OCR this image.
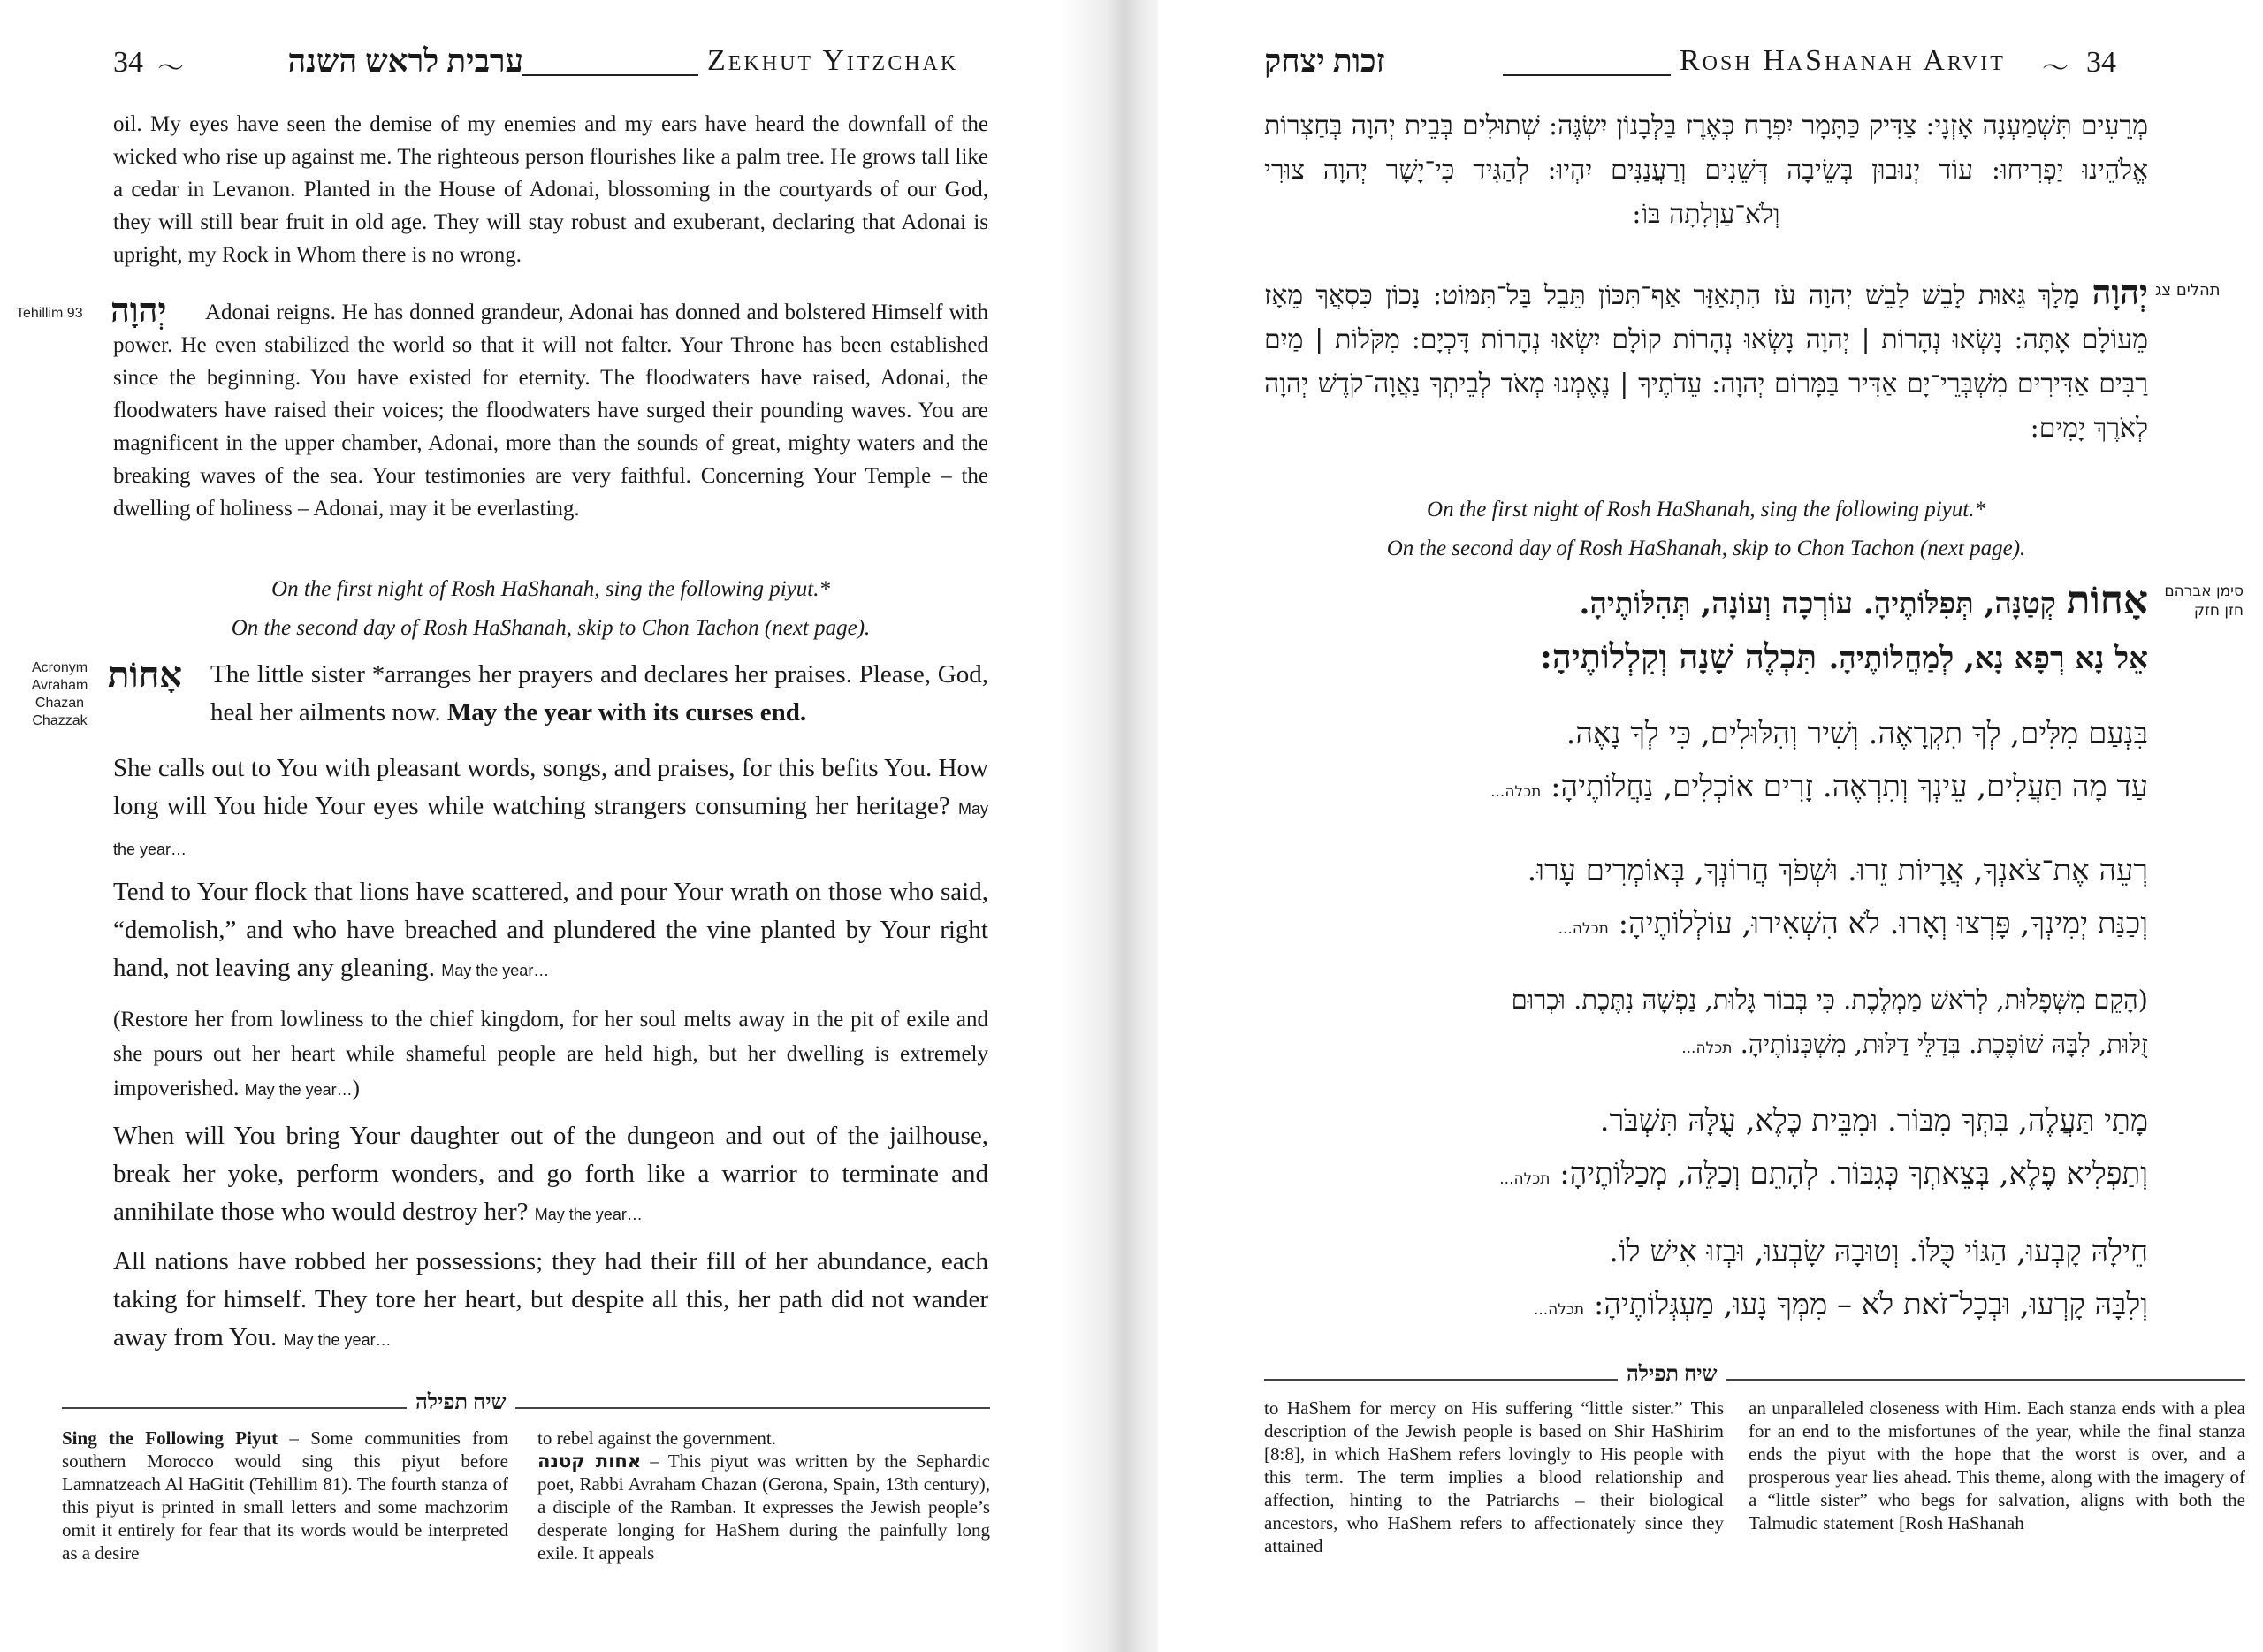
34 〜	ערבית לראש השנה	Zekhut Yitzchak

oil. My eyes have seen the demise of my enemies and my ears have heard the downfall of the wicked who rise up against me. The righteous person flourishes like a palm tree. He grows tall like a cedar in Levanon. Planted in the House of Adonai, blossoming in the courtyards of our God, they will still bear fruit in old age. They will stay robust and exuberant, declaring that Adonai is upright, my Rock in Whom there is no wrong.

Tehillim 93 יְהוָה	Adonai reigns. He has donned grandeur, Adonai has donned and bolstered Himself with power. He even stabilized the world so that it will not falter. Your Throne has been established since the beginning. You have existed for eternity. The floodwaters have raised, Adonai, the floodwaters have raised their voices; the floodwaters have surged their pounding waves. You are magnificent in the upper chamber, Adonai, more than the sounds of great, mighty waters and the breaking waves of the sea. Your testimonies are very faithful. Concerning Your Temple – the dwelling of holiness – Adonai, may it be everlasting.

On the first night of Rosh HaShanah, sing the following piyut.*
On the second day of Rosh HaShanah, skip to Chon Tachon (next page).
Acronym Avraham Chazan Chazzak
אָחוֹת The little sister *arranges her prayers and declares her praises. Please, God, heal her ailments now. May the year with its curses end.

She calls out to You with pleasant words, songs, and praises, for this befits You. How long will You hide Your eyes while watching strangers consuming her heritage? May the year…

Tend to Your flock that lions have scattered, and pour Your wrath on those who said, “demolish,” and who have breached and plundered the vine planted by Your right hand, not leaving any gleaning. May the year…

(Restore her from lowliness to the chief kingdom, for her soul melts away in the pit of exile and she pours out her heart while shameful people are held high, but her dwelling is extremely impoverished. May the year…)

When will You bring Your daughter out of the dungeon and out of the jailhouse, break her yoke, perform wonders, and go forth like a warrior to terminate and annihilate those who would destroy her? May the year…

All nations have robbed her possessions; they had their fill of her abundance, each taking for himself. They tore her heart, but despite all this, her path did not wander away from You. May the year…

שיח תפילה

Sing the Following Piyut – Some communities from southern Morocco would sing this piyut before Lamnatzeach Al HaGitit (Tehillim 81). The fourth stanza of this piyut is printed in small letters and some machzorim omit it entirely for fear that its words would be interpreted as a desire

to rebel against the government.
אחות קטנה – This piyut was written by the Sephardic poet, Rabbi Avraham Chazan (Gerona, Spain, 13th century), a disciple of the Ramban. It expresses the Jewish people’s desperate longing for HaShem during the painfully long exile. It appeals

זכות יצחק	Rosh HaShanah Arvit 〜 34

מְרֵעִים תִּשְׁמַעְנָה אָזְנָי: צַדִּיק כַּתָּמָר יִפְרָח כְּאֶרֶז בַּלְּבָנוֹן יִשְׂגֶּה: שְׁתוּלִים בְּבֵית יְהוָה בְּחַצְרוֹת אֱלֹהֵינוּ יַפְרִיחוּ: עוֹד יְנוּבוּן בְּשֵׂיבָה דְּשֵׁנִים וְרַעֲנַנִּים יִהְיוּ: לְהַגִּיד כִּי־יָשָׁר יְהוָה צוּרִי וְלֹא־עַוְלָתָה בּוֹ:

תהלים צג

יְהוָה מָלָךְ גֵּאוּת לָבֵשׁ לָבֵשׁ יְהוָה עֹז הִתְאַזָּר אַף־תִּכּוֹן תֵּבֵל בַּל־תִּמּוֹט: נָכוֹן כִּסְאֲךָ מֵאָז מֵעוֹלָם אָתָּה: נָשְׂאוּ נְהָרוֹת | יְהוָה נָשְׂאוּ נְהָרוֹת קוֹלָם יִשְׂאוּ נְהָרוֹת דָּכְיָם: מִקֹּלוֹת | מַיִם רַבִּים אַדִּירִים מִשְׁבְּרֵי־יָם אַדִּיר בַּמָּרוֹם יְהוָה: עֵדֹתֶיךָ | נֶאֶמְנוּ מְאֹד לְבֵיתְךָ נַאֲוָה־קֹדֶשׁ יְהוָה לְאֹרֶךְ יָמִים:

On the first night of Rosh HaShanah, sing the following piyut.*
On the second day of Rosh HaShanah, skip to Chon Tachon (next page).
סימן אברהם חזן חזק
אָחוֹת קְטַנָּה, תְּפִלּוֹתֶיהָ. עוֹרְכָה וְעוֹנָה, תְּהִלּוֹתֶיהָ.
אֵל נָא רְפָא נָא, לְמַחֲלוֹתֶיהָ. תִּכְלֶה שָׁנָה וְקִלְלוֹתֶיהָ:
בִּנְעַם מִלִּים, לְךָ תִקְרָאֶה. וְשִׁיר וְהִלּוּלִים, כִּי לְךָ נָאֶה.
עַד מָה תַּעֲלִים, עֵינְךָ וְתִרְאֶה. זָרִים אוֹכְלִים, נַחֲלוֹתֶיהָ: תכלה...
רְעֵה אֶת־צֹאנְךָ, אֲרָיוֹת זֵרוּ. וּשְׁפֹךְ חֲרוֹנְךָ, בְּאוֹמְרִים עָרוּ.
וְכַנַּת יְמִינְךָ, פָּרְצוּ וְאָרוּ. לֹא הִשְׁאִירוּ, עוֹלְלוֹתֶיהָ: תכלה...
(הָקֵם מִשְּׁפָלוּת, לְרֹאשׁ מַמְלֶכֶת. כִּי בְּבוֹר גָּלוּת, נַפְשָׁהּ נִתֶּכֶת. וּכְרוּם
זֻלּוּת, לִבָּהּ שׁוֹפֶכֶת. בְּדַלֵּי דַלּוּת, מִשְׁכְּנוֹתֶיהָ. תכלה...
מָתַי תַּעֲלֶה, בִּתְּךָ מִבּוֹר. וּמִבֵּית כֶּלֶא, עֻלָּהּ תִּשְׁבֹּר.
וְתַפְלִיא פֶלֶא, בְּצֵאתְךָ כְּגִבּוֹר. לְהָתֵם וְכַלֵּה, מְכַלּוֹתֶיהָ: תכלה...
חֵילָהּ קָבְעוּ, הַגּוֹי כֻּלּוֹ. וְטוּבָהּ שָׂבְעוּ, וּבְזוּ אִישׁ לוֹ.
וְלִבָּהּ קָרְעוּ, וּבְכָל־זֹאת לֹא – מִמְּךָ נָעוּ, מַעְגְּלוֹתֶיהָ: תכלה...
שיח תפילה

to HaShem for mercy on His suffering “little sister.” This description of the Jewish people is based on Shir HaShirim [8:8], in which HaShem refers lovingly to His people with this term. The term implies a blood relationship and affection, hinting to the Patriarchs – their biological ancestors, who HaShem refers to affectionately since they attained

an unparalleled closeness with Him. Each stanza ends with a plea for an end to the misfortunes of the year, while the final stanza ends the piyut with the hope that the worst is over, and a prosperous year lies ahead. This theme, along with the imagery of a “little sister” who begs for salvation, aligns with both the Talmudic statement [Rosh HaShanah
